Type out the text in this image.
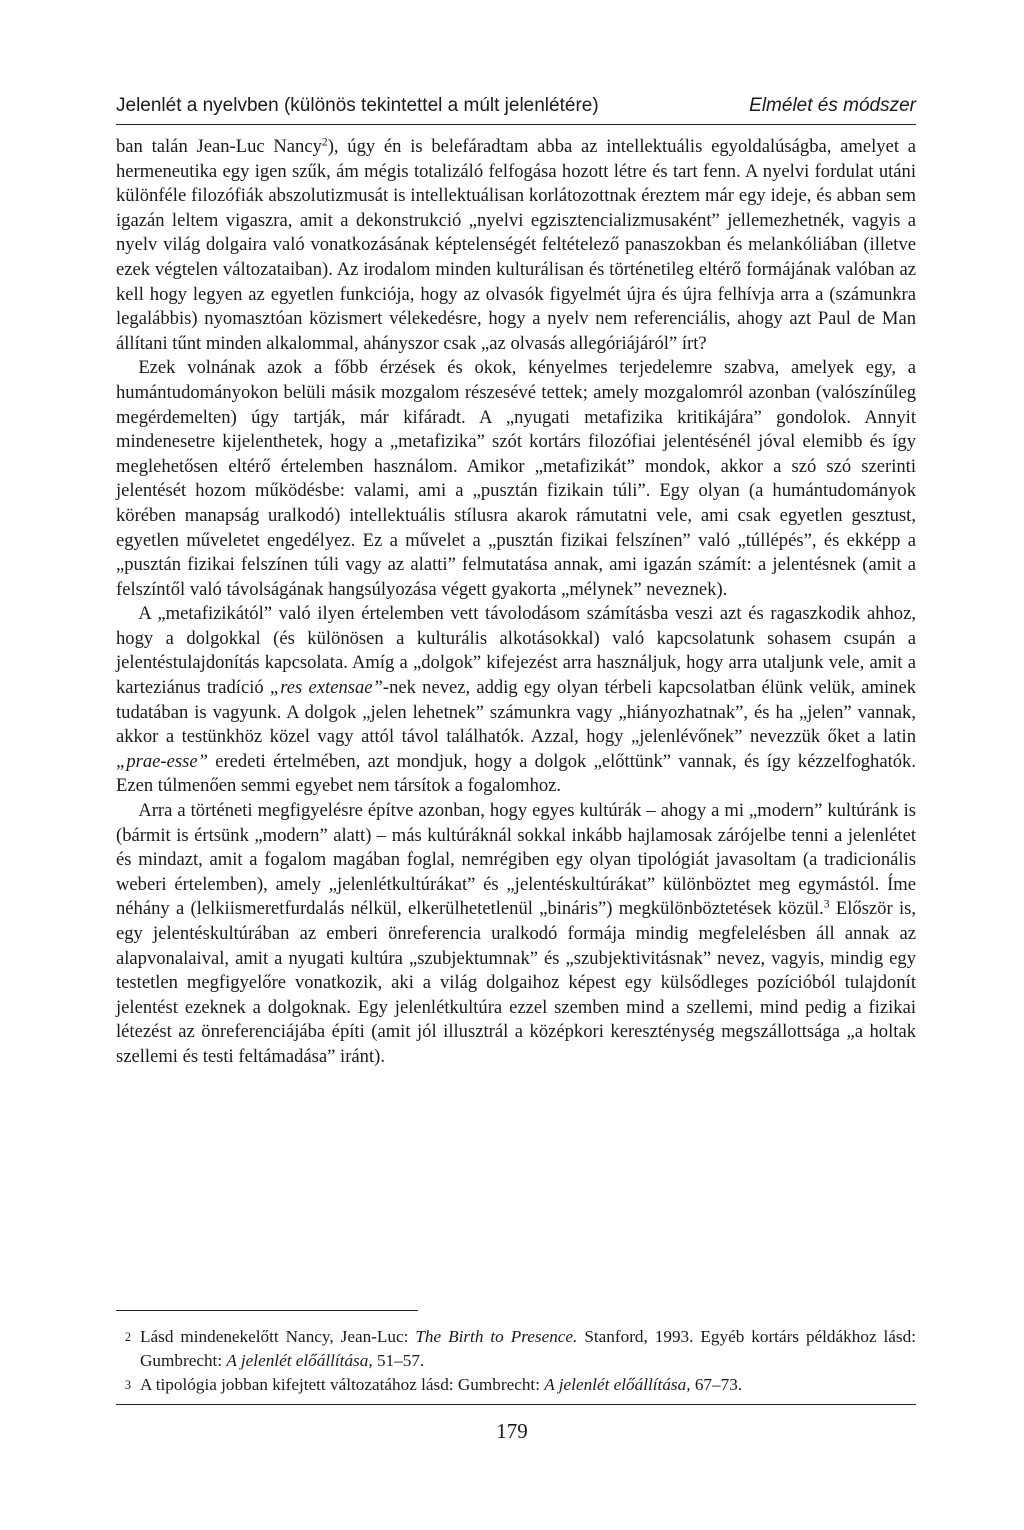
Jelenlét a nyelvben (különös tekintettel a múlt jelenlétére)	Elmélet és módszer

ban talán Jean-Luc Nancy$^2$), úgy én is belefáradtam abba az intellektuális egyoldalúságba, amelyet a hermeneutika egy igen szűk, ám mégis totalizáló felfogása hozott létre és tart fenn. A nyelvi fordulat utáni különféle filozófiák abszolutizmusát is intellektuálisan korlátozottnak éreztem már egy ideje, és abban sem igazán leltem vigaszra, amit a dekonstrukció „nyelvi egzisztencializmusaként” jellemezhetnék, vagyis a nyelv világ dolgaira való vonatkozásának képtelenségét feltételező panaszokban és melankóliában (illetve ezek végtelen változataiban). Az irodalom minden kulturálisan és történetileg eltérő formájának valóban az kell hogy legyen az egyetlen funkciója, hogy az olvasók figyelmét újra és újra felhívja arra a (számunkra legalábbis) nyomasztóan közismert vélekedésre, hogy a nyelv nem referenciális, ahogy azt Paul de Man állítani tűnt minden alkalommal, ahányszor csak „az olvasás allegóriájáról” írt?

Ezek volnának azok a főbb érzések és okok, kényelmes terjedelemre szabva, amelyek egy, a humántudományokon belüli másik mozgalom részesévé tettek; amely mozgalomról azonban (valószínűleg megérdemelten) úgy tartják, már kifáradt. A „nyugati metafizika kritikájára” gondolok. Annyit mindenesetre kijelenthetek, hogy a „metafizika” szót kortárs filozófiai jelentésénél jóval elemibb és így meglehetősen eltérő értelemben használom. Amikor „metafizikát” mondok, akkor a szó szó szerinti jelentését hozom működésbe: valami, ami a „pusztán fizikain túli”. Egy olyan (a humántudományok körében manapság uralkodó) intellektuális stílusra akarok rámutatni vele, ami csak egyetlen gesztust, egyetlen műveletet engedélyez. Ez a művelet a „pusztán fizikai felszínen” való „túllépés”, és ekképp a „pusztán fizikai felszínen túli vagy az alatti” felmutatása annak, ami igazán számít: a jelentésnek (amit a felszíntől való távolságának hangsúlyozása végett gyakorta „mélynek” neveznek).

A „metafizikától” való ilyen értelemben vett távolodásom számításba veszi azt és ragaszkodik ahhoz, hogy a dolgokkal (és különösen a kulturális alkotásokkal) való kapcsolatunk sohasem csupán a jelentéstulajdonítás kapcsolata. Amíg a „dolgok” kifejezést arra használjuk, hogy arra utaljunk vele, amit a karteziánus tradíció „res extensae”-nek nevez, addig egy olyan térbeli kapcsolatban élünk velük, aminek tudatában is vagyunk. A dolgok „jelen lehetnek” számunkra vagy „hiányozhatnak”, és ha „jelen” vannak, akkor a testünkhöz közel vagy attól távol találhatók. Azzal, hogy „jelenlévőnek” nevezzük őket a latin „prae-esse” eredeti értelmében, azt mondjuk, hogy a dolgok „előttünk” vannak, és így kézzelfoghatók. Ezen túlmenően semmi egyebet nem társítok a fogalomhoz.

Arra a történeti megfigyelésre építve azonban, hogy egyes kultúrák – ahogy a mi „modern” kultúránk is (bármit is értsünk „modern” alatt) – más kultúráknál sokkal inkább hajlamosak zárójelbe tenni a jelenlétet és mindazt, amit a fogalom magában foglal, nemrégiben egy olyan tipológiát javasoltam (a tradicionális weberi értelemben), amely „jelenlétkultúrákat” és „jelentéskultúrákat” különböztet meg egymástól. Íme néhány a (lelkiismeretfurdalás nélkül, elkerülhetetlenül „bináris”) megkülönböztetések közül.$^3$ Először is, egy jelentéskultúrában az emberi önreferencia uralkodó formája mindig megfelelésben áll annak az alapvonalaival, amit a nyugati kultúra „szubjektumnak” és „szubjektivitásnak” nevez, vagyis, mindig egy testetlen megfigyelőre vonatkozik, aki a világ dolgaihoz képest egy külsődleges pozícióból tulajdonít jelentést ezeknek a dolgoknak. Egy jelenlétkultúra ezzel szemben mind a szellemi, mind pedig a fizikai létezést az önreferenciájába építi (amit jól illusztrál a középkori kereszténység megszállottsága „a holtak szellemi és testi feltámadása” iránt).

2 Lásd mindenekelőtt Nancy, Jean-Luc: The Birth to Presence. Stanford, 1993. Egyéb kortárs példákhoz lásd: Gumbrecht: A jelenlét előállítása, 51–57.
3 A tipológia jobban kifejtett változatához lásd: Gumbrecht: A jelenlét előállítása, 67–73.
179
